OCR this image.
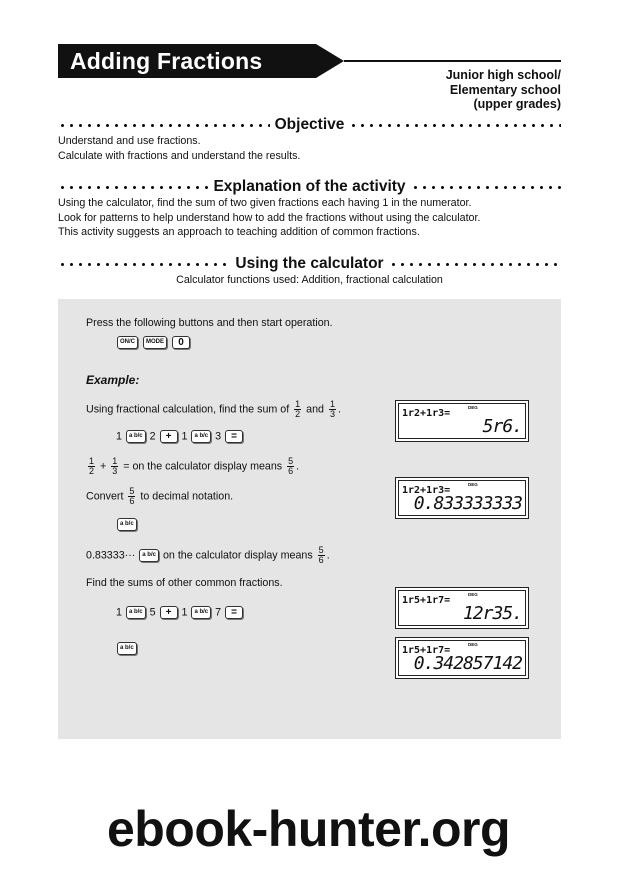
Adding Fractions
Junior high school/
Elementary school
(upper grades)
Objective
Understand and use fractions.
Calculate with fractions and understand the results.
Explanation of the activity
Using the calculator, find the sum of two given fractions each having 1 in the numerator.
Look for patterns to help understand how to add the fractions without using the calculator.
This activity suggests an approach to teaching addition of common fractions.
Using the calculator
Calculator functions used: Addition, fractional calculation
Press the following buttons and then start operation.
ON/C MODE 0
Example:
Using fractional calculation, find the sum of $\frac{1}{2}$ and $\frac{1}{3}$ .
1 a b/c 2 + 1 a b/c 3 =
$\frac{1}{2} + \frac{1}{3}$ = on the calculator display means $\frac{5}{6}$ .
Convert $\frac{5}{6}$ to decimal notation.
a b/c
0.83333··· a b/c on the calculator display means $\frac{5}{6}$ .
Find the sums of other common fractions.
1 a b/c 5 + 1 a b/c 7 =
a b/c
DEG
1r2+1r3=
5r6.
DEG
1r2+1r3=
0.833333333
DEG
1r5+1r7=
12r35.
DEG
1r5+1r7=
0.342857142
ebook-hunter.org
